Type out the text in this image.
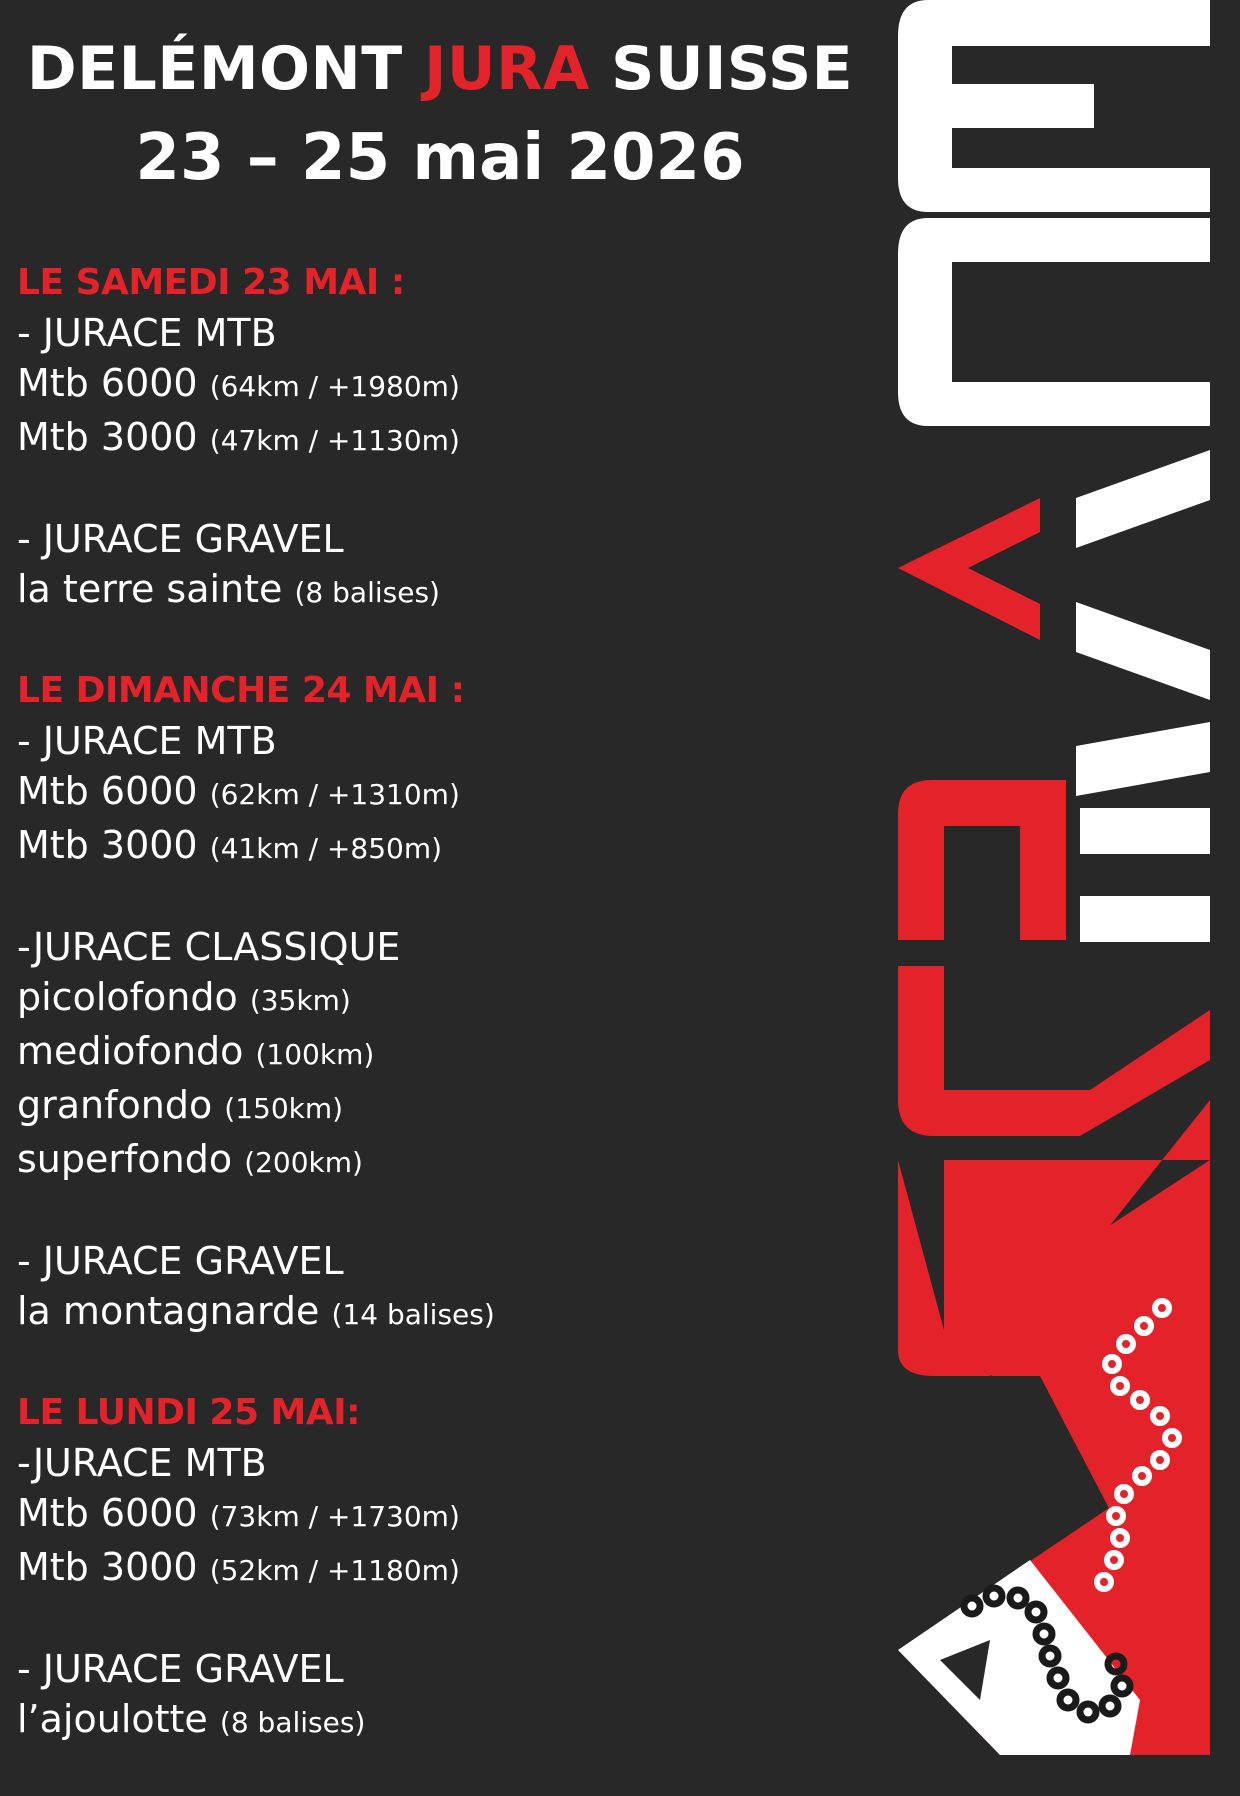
DELÉMONT JURA SUISSE
23 – 25 mai 2026
LE SAMEDI 23 MAI :
- JURACE MTB
Mtb 6000 (64km / +1980m)
Mtb 3000 (47km / +1130m)
- JURACE GRAVEL
la terre sainte (8 balises)
LE DIMANCHE 24 MAI :
- JURACE MTB
Mtb 6000 (62km / +1310m)
Mtb 3000 (41km / +850m)
-JURACE CLASSIQUE
picolofondo (35km)
mediofondo (100km)
granfondo (150km)
superfondo (200km)
- JURACE GRAVEL
la montagnarde (14 balises)
LE LUNDI 25 MAI:
-JURACE MTB
Mtb 6000 (73km / +1730m)
Mtb 3000 (52km / +1180m)
- JURACE GRAVEL
l’ajoulotte (8 balises)
